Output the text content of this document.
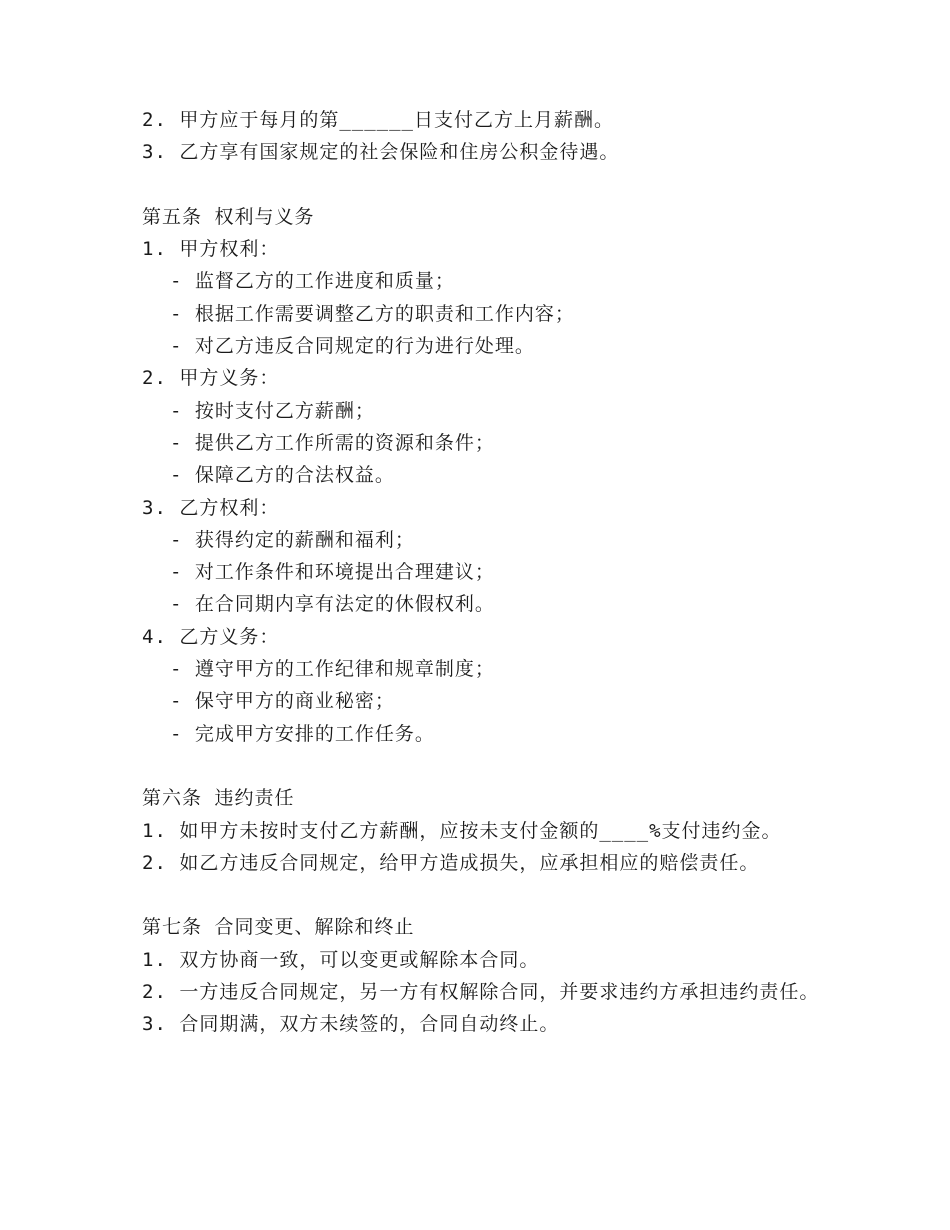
2. 甲方应于每月的第______日支付乙方上月薪酬。
3. 乙方享有国家规定的社会保险和住房公积金待遇。
第五条 权利与义务
1. 甲方权利：
- 监督乙方的工作进度和质量；
- 根据工作需要调整乙方的职责和工作内容；
- 对乙方违反合同规定的行为进行处理。
2. 甲方义务：
- 按时支付乙方薪酬；
- 提供乙方工作所需的资源和条件；
- 保障乙方的合法权益。
3. 乙方权利：
- 获得约定的薪酬和福利；
- 对工作条件和环境提出合理建议；
- 在合同期内享有法定的休假权利。
4. 乙方义务：
- 遵守甲方的工作纪律和规章制度；
- 保守甲方的商业秘密；
- 完成甲方安排的工作任务。
第六条 违约责任
1. 如甲方未按时支付乙方薪酬，应按未支付金额的____%支付违约金。
2. 如乙方违反合同规定，给甲方造成损失，应承担相应的赔偿责任。
第七条 合同变更、解除和终止
1. 双方协商一致，可以变更或解除本合同。
2. 一方违反合同规定，另一方有权解除合同，并要求违约方承担违约责任。
3. 合同期满，双方未续签的，合同自动终止。
